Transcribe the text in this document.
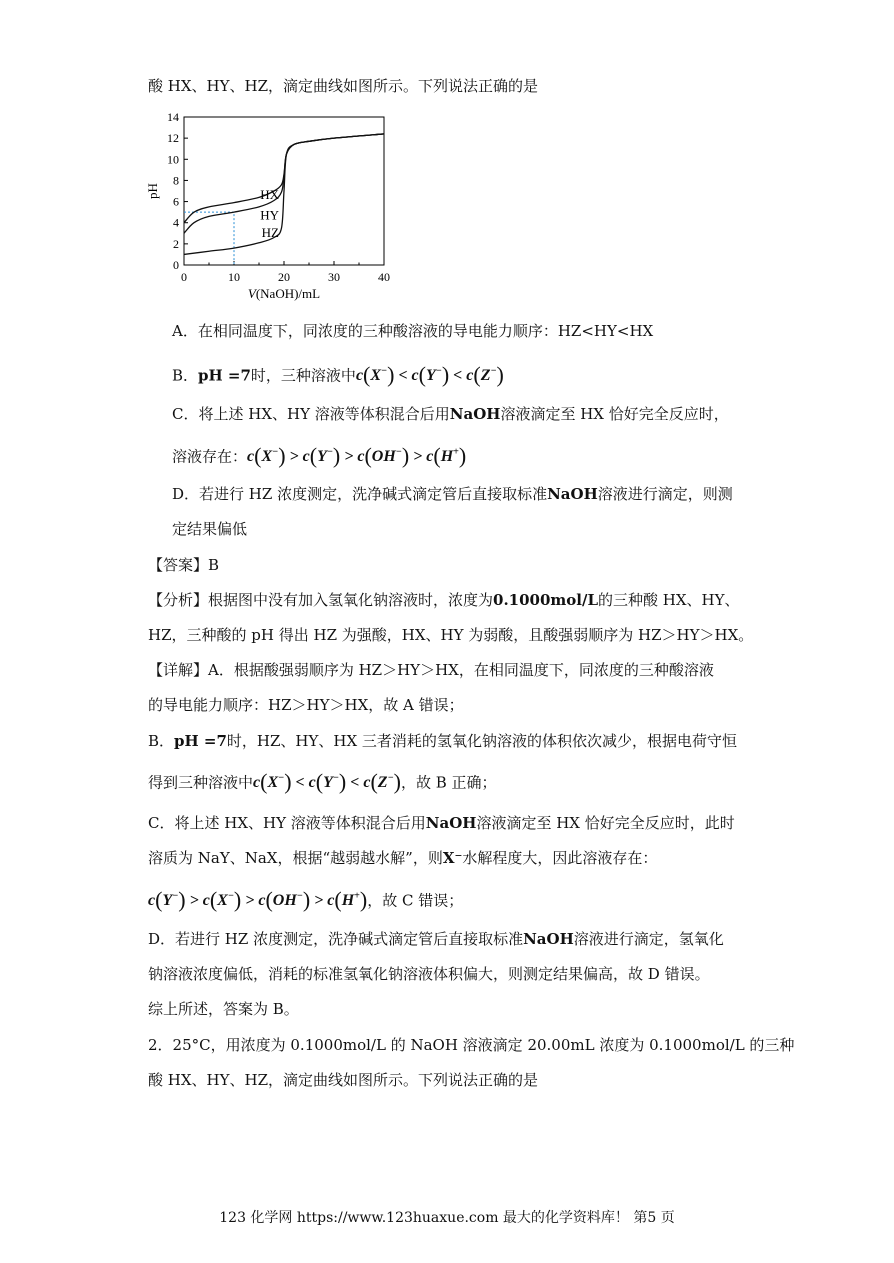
酸 HX、HY、HZ，滴定曲线如图所示。下列说法正确的是
0
2
4
6
8
10
12
14
0	10	20	30	40
V(NaOH)/mL
pH	HX
HY
HZ
A．在相同温度下，同浓度的三种酸溶液的导电能力顺序：HZ<HY<HX
B．pH =7时，三种溶液中c(X−) < c(Y−) < c(Z−)
C．将上述 HX、HY 溶液等体积混合后用NaOH溶液滴定至 HX 恰好完全反应时，
溶液存在：c(X−) > c(Y−) > c(OH−) > c(H+)
D．若进行 HZ 浓度测定，洗净碱式滴定管后直接取标准NaOH溶液进行滴定，则测
定结果偏低
【答案】B
【分析】根据图中没有加入氢氧化钠溶液时，浓度为0.1000mol/L的三种酸 HX、HY、
HZ，三种酸的 pH 得出 HZ 为强酸，HX、HY 为弱酸，且酸强弱顺序为 HZ＞HY＞HX。
【详解】A．根据酸强弱顺序为 HZ＞HY＞HX，在相同温度下，同浓度的三种酸溶液
的导电能力顺序：HZ＞HY＞HX，故 A 错误；
B．pH =7时，HZ、HY、HX 三者消耗的氢氧化钠溶液的体积依次减少，根据电荷守恒
得到三种溶液中c(X−) < c(Y−) < c(Z−)，故 B 正确；
C．将上述 HX、HY 溶液等体积混合后用NaOH溶液滴定至 HX 恰好完全反应时，此时
溶质为 NaY、NaX，根据“越弱越水解”，则X⁻水解程度大，因此溶液存在：
c(Y−) > c(X−) > c(OH−) > c(H+)，故 C 错误；
D．若进行 HZ 浓度测定，洗净碱式滴定管后直接取标准NaOH溶液进行滴定，氢氧化
钠溶液浓度偏低，消耗的标准氢氧化钠溶液体积偏大，则测定结果偏高，故 D 错误。
综上所述，答案为 B。
2．25°C，用浓度为 0.1000mol/L 的 NaOH 溶液滴定 20.00mL 浓度为 0.1000mol/L 的三种
酸 HX、HY、HZ，滴定曲线如图所示。下列说法正确的是
123 化学网 https://www.123huaxue.com 最大的化学资料库！ 第5 页
